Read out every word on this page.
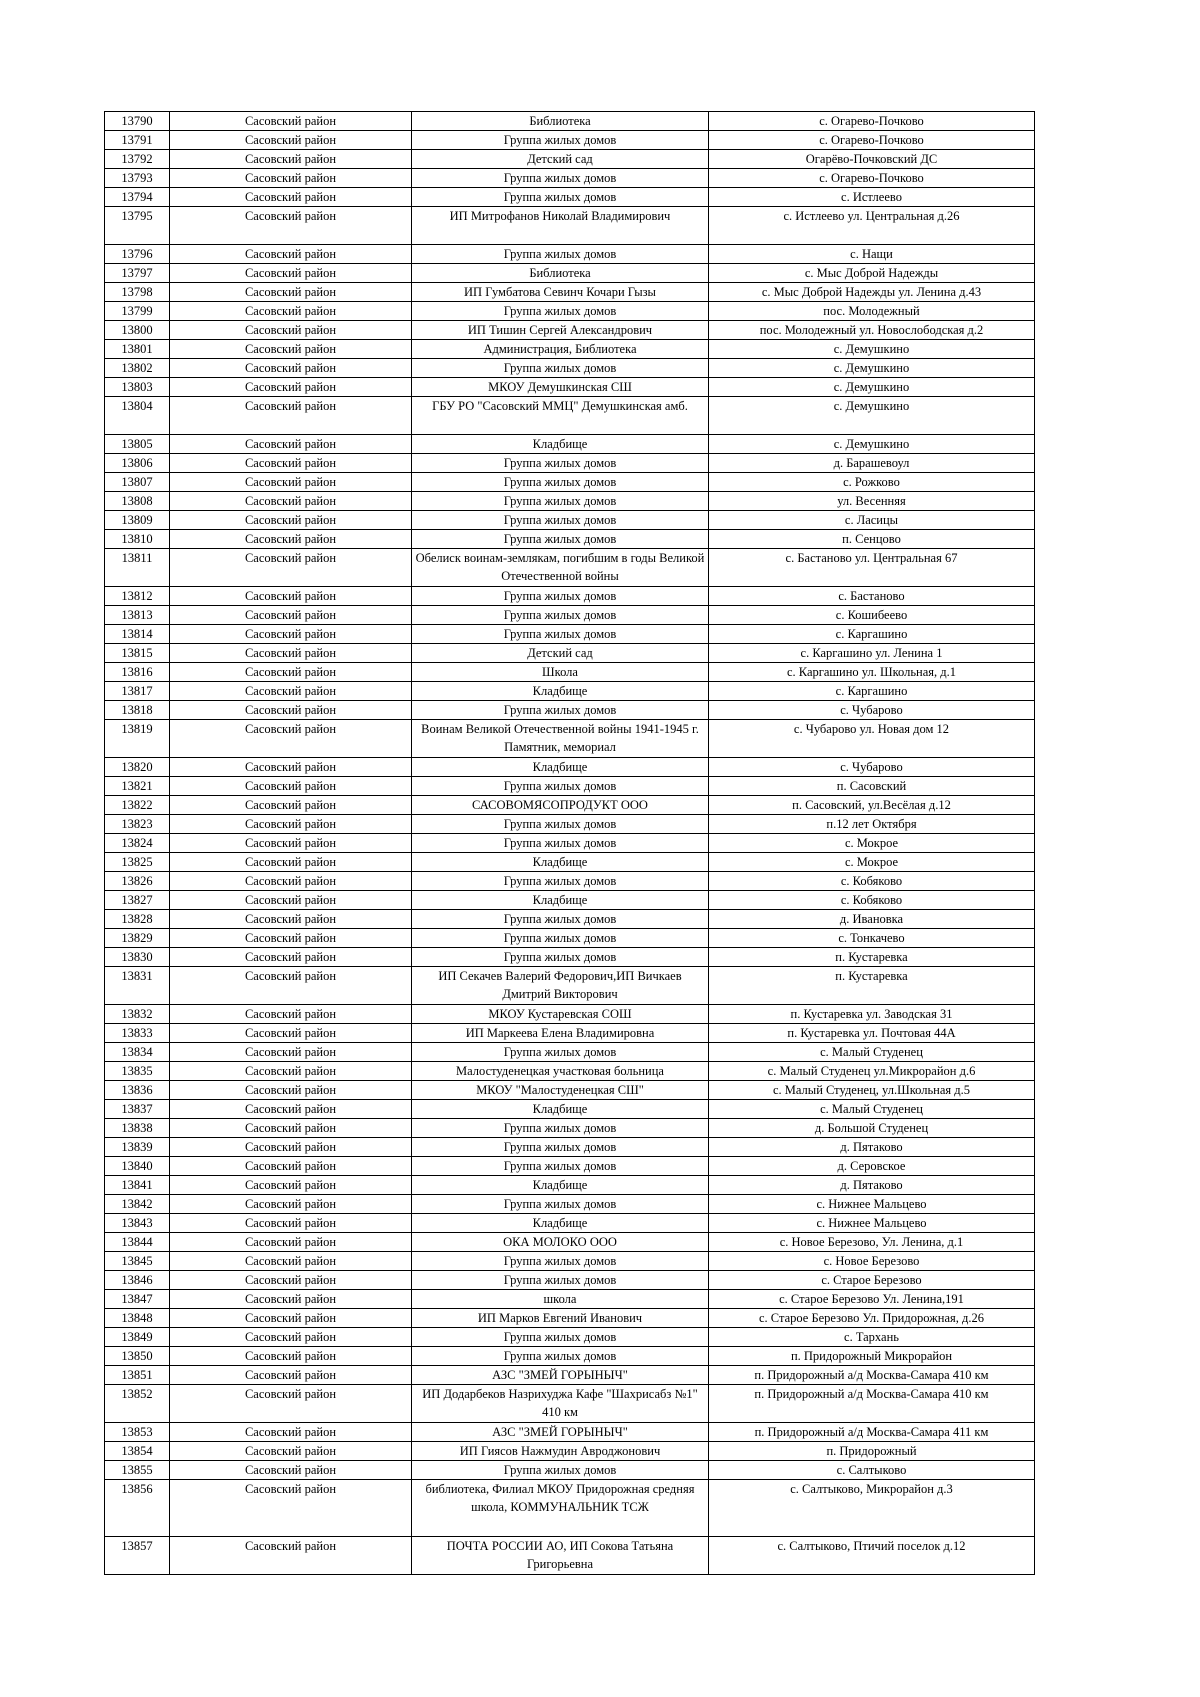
13790	Сасовский район	Библиотека	с. Огарево-Почково
13791	Сасовский район	Группа жилых домов	с. Огарево-Почково
13792	Сасовский район	Детский сад	Огарёво-Почковский ДС
13793	Сасовский район	Группа жилых домов	с. Огарево-Почково
13794	Сасовский район	Группа жилых домов	с. Истлеево
13795	Сасовский район	ИП Митрофанов Николай Владимирович	с. Истлеево ул. Центральная д.26
13796	Сасовский район	Группа жилых домов	с. Нащи
13797	Сасовский район	Библиотека	с. Мыс Доброй Надежды
13798	Сасовский район	ИП Гумбатова Севинч Кочари Гызы	с. Мыс Доброй Надежды ул. Ленина д.43
13799	Сасовский район	Группа жилых домов	пос. Молодежный
13800	Сасовский район	ИП Тишин Сергей Александрович	пос. Молодежный ул. Новослободская д.2
13801	Сасовский район	Администрация, Библиотека	с. Демушкино
13802	Сасовский район	Группа жилых домов	с. Демушкино
13803	Сасовский район	МКОУ Демушкинская СШ	с. Демушкино
13804	Сасовский район	ГБУ РО "Сасовский ММЦ" Демушкинская амб.	с. Демушкино
13805	Сасовский район	Кладбище	с. Демушкино
13806	Сасовский район	Группа жилых домов	д. Барашевоул
13807	Сасовский район	Группа жилых домов	с. Рожково
13808	Сасовский район	Группа жилых домов	ул. Весенняя
13809	Сасовский район	Группа жилых домов	с. Ласицы
13810	Сасовский район	Группа жилых домов	п. Сенцово
13811	Сасовский район	Обелиск воинам-землякам, погибшим в годы Великой Отечественной войны	с. Бастаново ул. Центральная 67
13812	Сасовский район	Группа жилых домов	с. Бастаново
13813	Сасовский район	Группа жилых домов	с. Кошибеево
13814	Сасовский район	Группа жилых домов	с. Каргашино
13815	Сасовский район	Детский сад	с. Каргашино ул. Ленина 1
13816	Сасовский район	Школа	с. Каргашино ул. Школьная, д.1
13817	Сасовский район	Кладбище	с. Каргашино
13818	Сасовский район	Группа жилых домов	с. Чубарово
13819	Сасовский район	Воинам Великой Отечественной войны 1941-1945 г. Памятник, мемориал	с. Чубарово ул. Новая дом 12
13820	Сасовский район	Кладбище	с. Чубарово
13821	Сасовский район	Группа жилых домов	п. Сасовский
13822	Сасовский район	САСОВОМЯСОПРОДУКТ ООО	п. Сасовский, ул.Весёлая д.12
13823	Сасовский район	Группа жилых домов	п.12 лет Октября
13824	Сасовский район	Группа жилых домов	с. Мокрое
13825	Сасовский район	Кладбище	с. Мокрое
13826	Сасовский район	Группа жилых домов	с. Кобяково
13827	Сасовский район	Кладбище	с. Кобяково
13828	Сасовский район	Группа жилых домов	д. Ивановка
13829	Сасовский район	Группа жилых домов	с. Тонкачево
13830	Сасовский район	Группа жилых домов	п. Кустаревка
13831	Сасовский район	ИП Секачев Валерий Федорович,ИП Вичкаев Дмитрий Викторович	п. Кустаревка
13832	Сасовский район	МКОУ Кустаревская СОШ	п. Кустаревка ул. Заводская 31
13833	Сасовский район	ИП Маркеева Елена Владимировна	п. Кустаревка ул. Почтовая 44А
13834	Сасовский район	Группа жилых домов	с. Малый Студенец
13835	Сасовский район	Малостуденецкая участковая больница	с. Малый Студенец ул.Микрорайон д.6
13836	Сасовский район	МКОУ "Малостуденецкая СШ"	с. Малый Студенец, ул.Школьная д.5
13837	Сасовский район	Кладбище	с. Малый Студенец
13838	Сасовский район	Группа жилых домов	д. Большой Студенец
13839	Сасовский район	Группа жилых домов	д. Пятаково
13840	Сасовский район	Группа жилых домов	д. Серовское
13841	Сасовский район	Кладбище	д. Пятаково
13842	Сасовский район	Группа жилых домов	с. Нижнее Мальцево
13843	Сасовский район	Кладбище	с. Нижнее Мальцево
13844	Сасовский район	ОКА МОЛОКО ООО	с. Новое Березово, Ул. Ленина, д.1
13845	Сасовский район	Группа жилых домов	с. Новое Березово
13846	Сасовский район	Группа жилых домов	с. Старое Березово
13847	Сасовский район	школа	с. Старое Березово Ул. Ленина,191
13848	Сасовский район	ИП Марков Евгений Иванович	с. Старое Березово Ул. Придорожная, д.26
13849	Сасовский район	Группа жилых домов	с. Тархань
13850	Сасовский район	Группа жилых домов	п. Придорожный Микрорайон
13851	Сасовский район	АЗС "ЗМЕЙ ГОРЫНЫЧ"	п. Придорожный а/д Москва-Самара 410 км
13852	Сасовский район	ИП Додарбеков Назрихуджа Кафе "Шахрисабз №1" 410 км	п. Придорожный а/д Москва-Самара 410 км
13853	Сасовский район	АЗС "ЗМЕЙ ГОРЫНЫЧ"	п. Придорожный а/д Москва-Самара 411 км
13854	Сасовский район	ИП Гиясов Нажмудин Авроджонович	п. Придорожный
13855	Сасовский район	Группа жилых домов	с. Салтыково
13856	Сасовский район	библиотека, Филиал МКОУ Придорожная средняя школа, КОММУНАЛЬНИК ТСЖ	с. Салтыково, Микрорайон д.3
13857	Сасовский район	ПОЧТА РОССИИ АО, ИП Сокова Татьяна Григорьевна	с. Салтыково, Птичий поселок д.12
